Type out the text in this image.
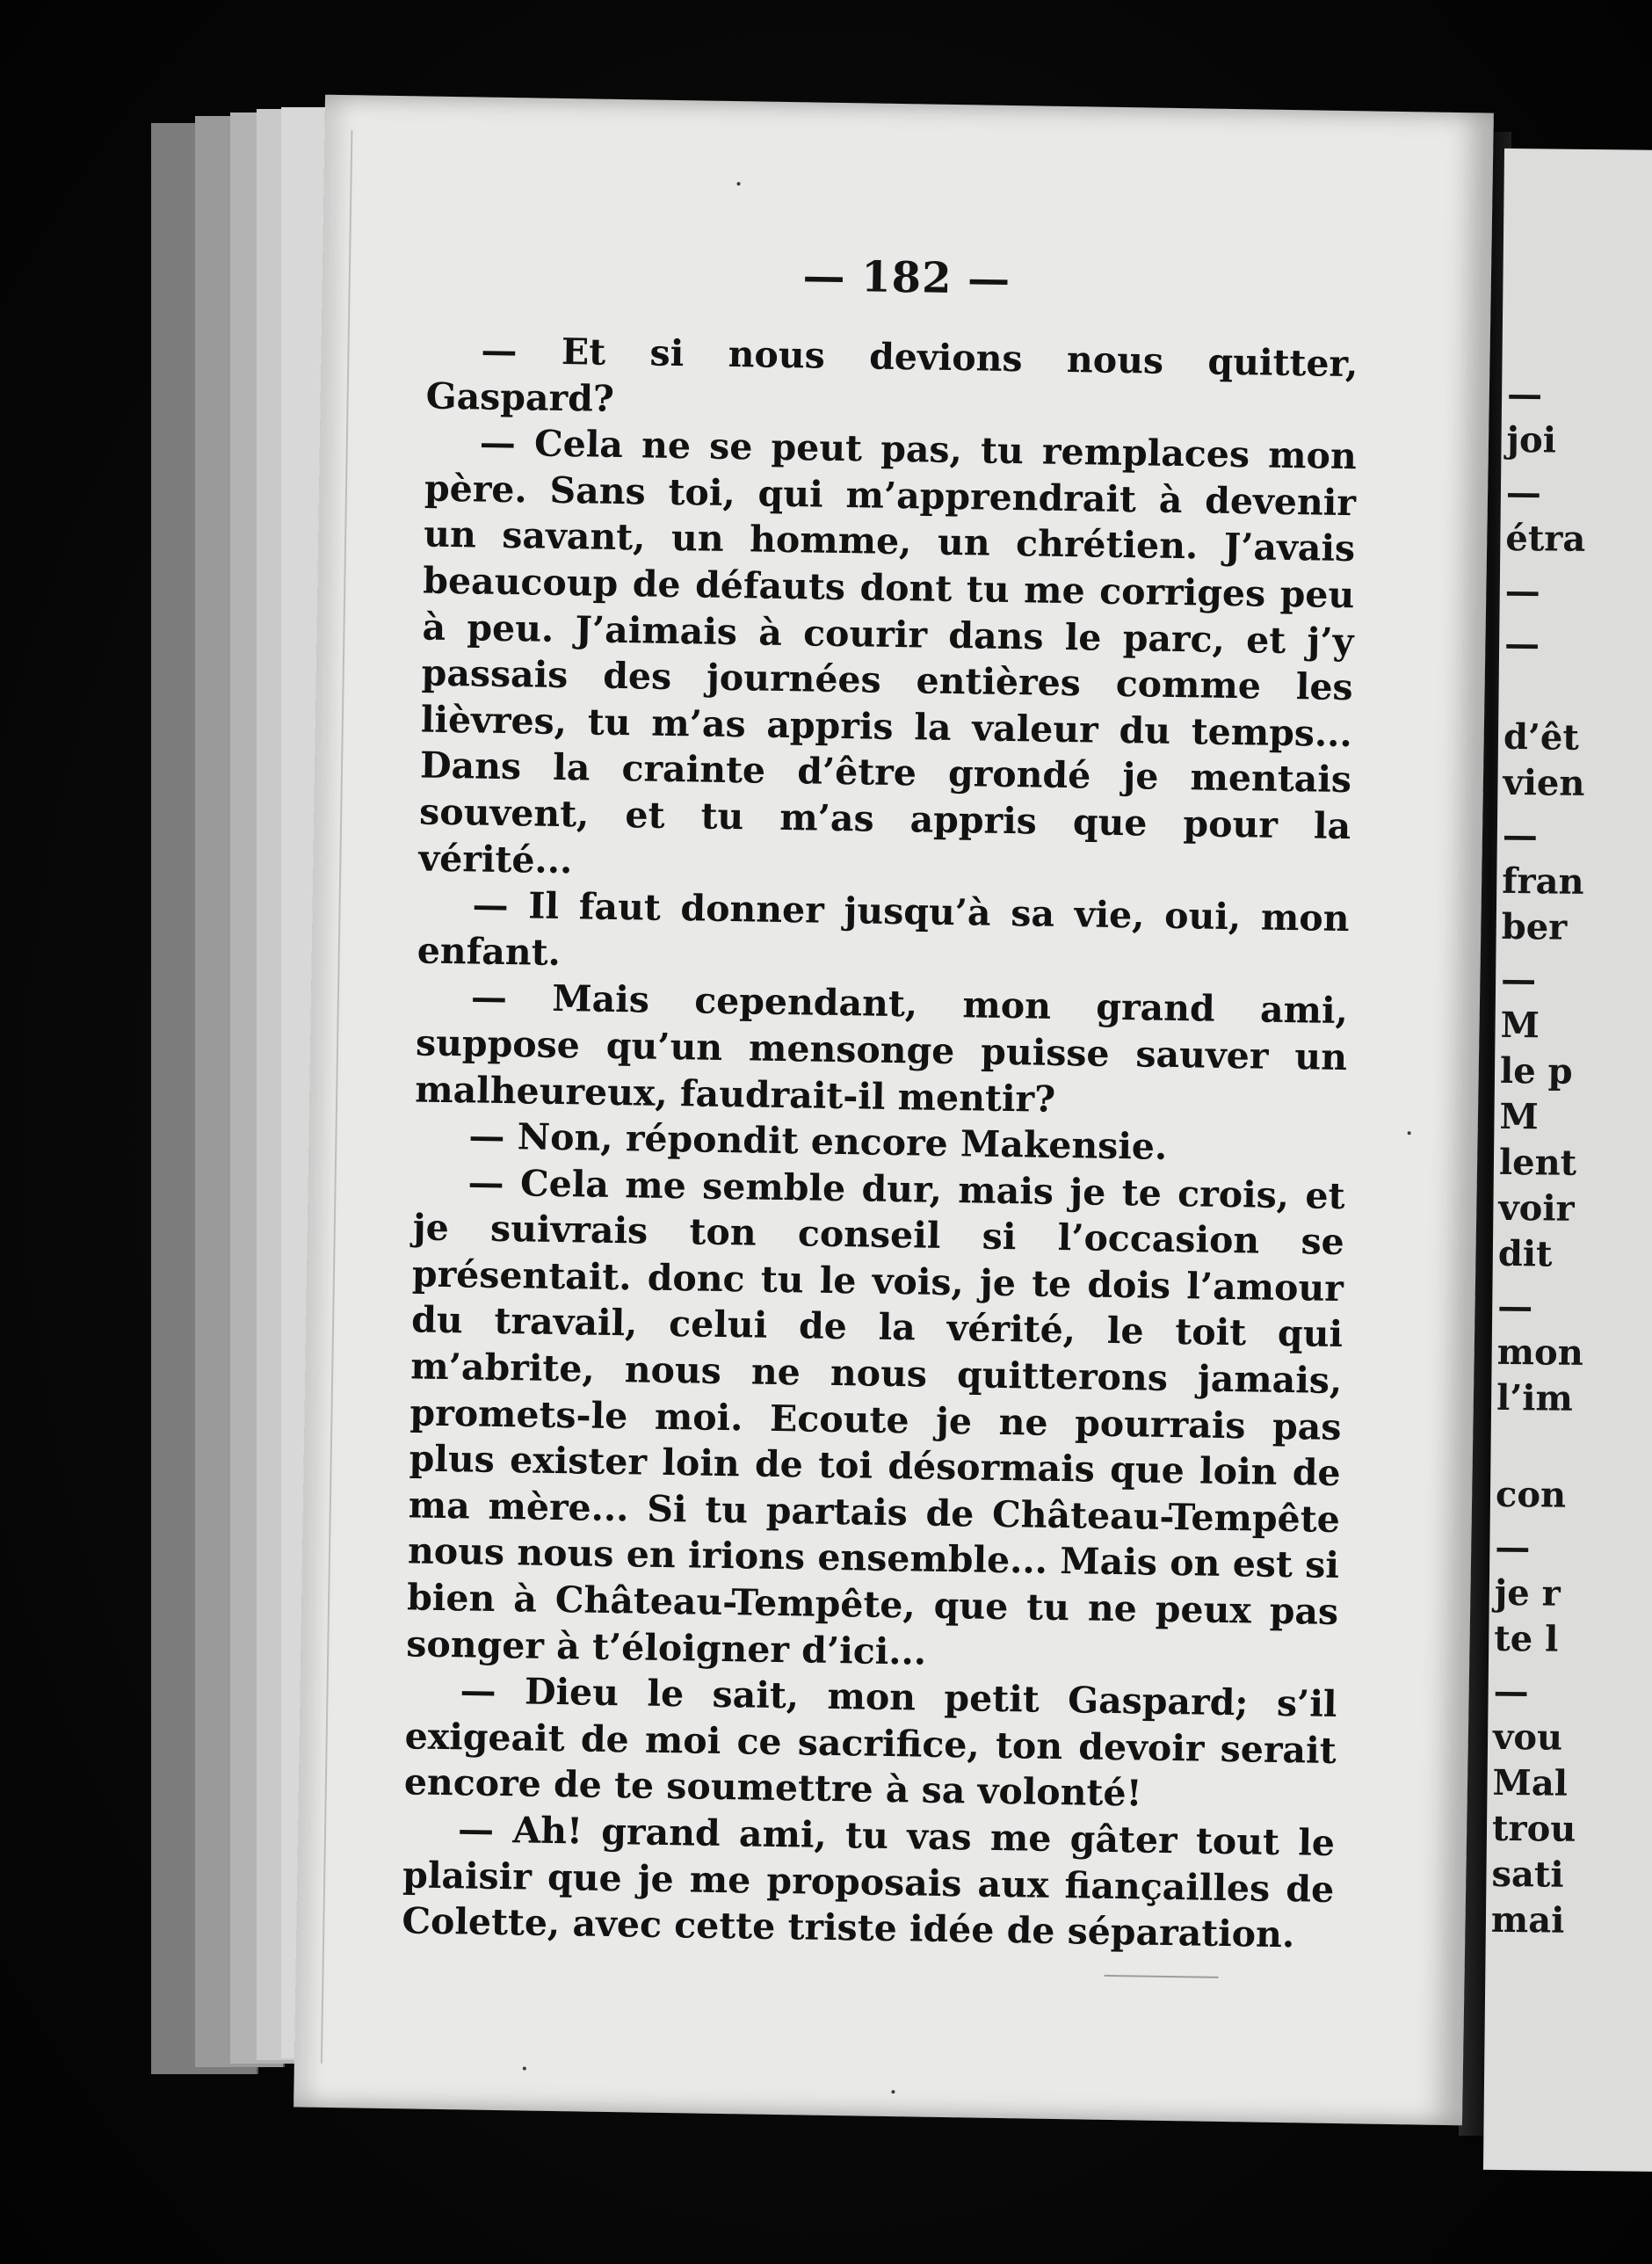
—
joi
—
étra
—
—
d’êt
vien
—
fran
ber
—
M
le p
M
lent
voir
dit
—
mon
l’im
con
—
je r
te l
—
vou
Mal
trou
sati
mai
— 182 —

— Et si nous devions nous quitter, Gaspard?

— Cela ne se peut pas, tu remplaces mon père. Sans toi, qui m’apprendrait à devenir un savant, un homme, un chrétien. J’avais beaucoup de défauts dont tu me corriges peu à peu. J’aimais à courir dans le parc, et j’y passais des journées entières comme les lièvres, tu m’as appris la valeur du temps... Dans la crainte d’être grondé je mentais souvent, et tu m’as appris que pour la vérité...

— Il faut donner jusqu’à sa vie, oui, mon enfant.

— Mais cependant, mon grand ami, suppose qu’un mensonge puisse sauver un malheureux, faudrait-il mentir?

— Non, répondit encore Makensie.

— Cela me semble dur, mais je te crois, et je suivrais ton conseil si l’occasion se présentait. donc tu le vois, je te dois l’amour du travail, celui de la vérité, le toit qui m’abrite, nous ne nous quitterons jamais, promets-le moi. Ecoute je ne pourrais pas plus exister loin de toi désormais que loin de ma mère... Si tu partais de Château-Tempête nous nous en irions ensemble... Mais on est si bien à Château-Tempête, que tu ne peux pas songer à t’éloigner d’ici...

— Dieu le sait, mon petit Gaspard; s’il exigeait de moi ce sacrifice, ton devoir serait encore de te soumettre à sa volonté!

— Ah! grand ami, tu vas me gâter tout le plaisir que je me proposais aux fiançailles de Colette, avec cette triste idée de séparation.
